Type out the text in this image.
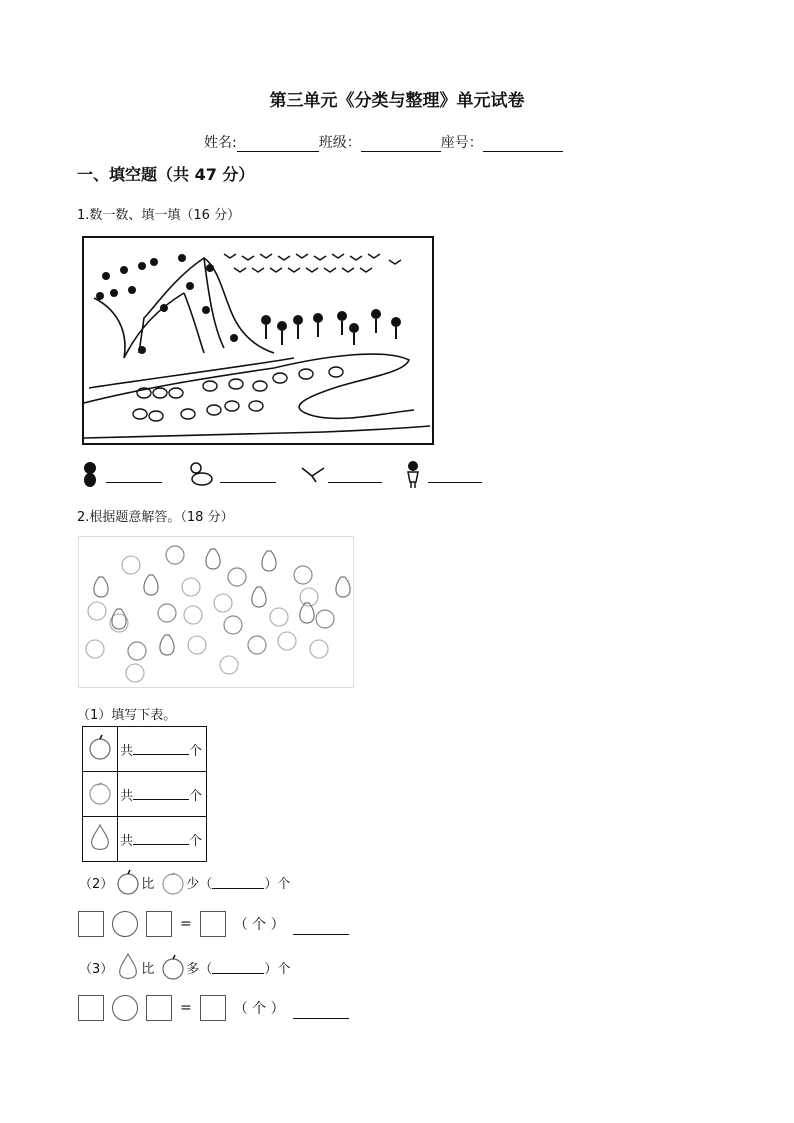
第三单元《分类与整理》单元试卷
姓名:	班级：	座号：
一、填空题（共 47 分）
1.数一数、填一填（16 分）
2.根据题意解答。（18 分）
（1）填写下表。
	共 个
	共 个
	共 个
（2） 比 少（	）个
=	（ 个 ）
（3） 比 多（	）个
=	（ 个 ）
